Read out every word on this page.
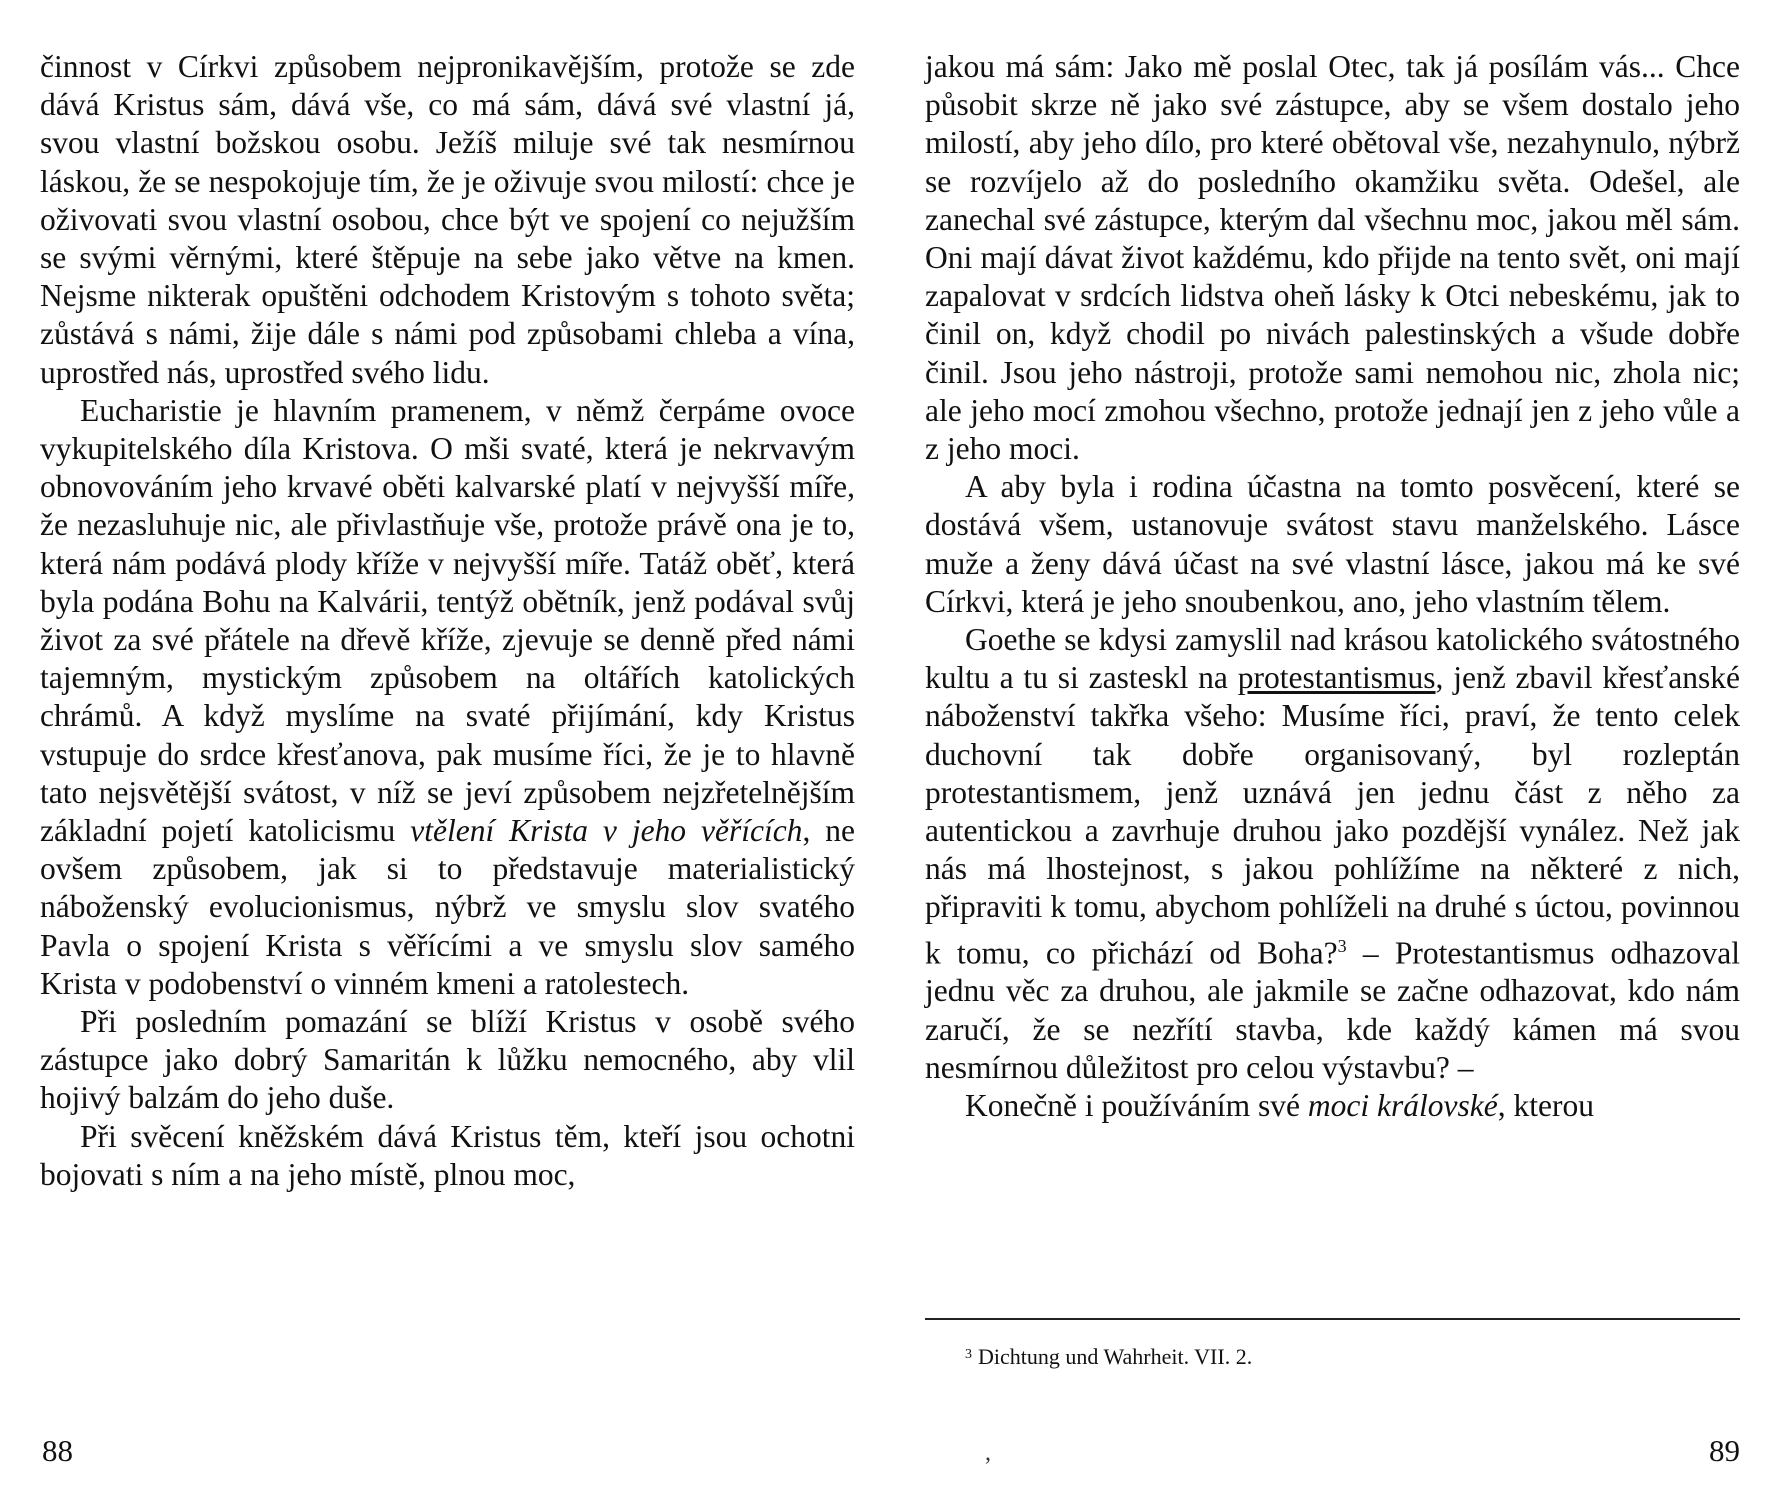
činnost v Církvi způsobem nejpronikavějším, protože se zde dává Kristus sám, dává vše, co má sám, dává své vlastní já, svou vlastní božskou osobu. Ježíš miluje své tak nesmírnou láskou, že se nespokojuje tím, že je oživuje svou milostí: chce je oživovati svou vlastní osobou, chce být ve spojení co nejužším se svými věrnými, které štěpuje na sebe jako větve na kmen. Nejsme nikterak opuštěni odchodem Kristovým s tohoto světa; zůstává s námi, žije dále s námi pod způsobami chleba a vína, uprostřed nás, uprostřed svého lidu.

Eucharistie je hlavním pramenem, v němž čerpáme ovoce vykupitelského díla Kristova. O mši svaté, která je nekrvavým obnovováním jeho krvavé oběti kalvarské platí v nejvyšší míře, že nezasluhuje nic, ale přivlastňuje vše, protože právě ona je to, která nám podává plody kříže v nejvyšší míře. Tatáž oběť, která byla podána Bohu na Kalvárii, tentýž obětník, jenž podával svůj život za své přátele na dřevě kříže, zjevuje se denně před námi tajemným, mystickým způsobem na oltářích katolických chrámů. A když myslíme na svaté přijímání, kdy Kristus vstupuje do srdce křesťanova, pak musíme říci, že je to hlavně tato nejsvětější svátost, v níž se jeví způsobem nejzřetelnějším základní pojetí katolicismu vtělení Krista v jeho věřících, ne ovšem způsobem, jak si to představuje materialistický náboženský evolucionismus, nýbrž ve smyslu slov svatého Pavla o spojení Krista s věřícími a ve smyslu slov samého Krista v podobenství o vinném kmeni a ratolestech.

Při posledním pomazání se blíží Kristus v osobě svého zástupce jako dobrý Samaritán k lůžku nemocného, aby vlil hojivý balzám do jeho duše.

Při svěcení kněžském dává Kristus těm, kteří jsou ochotni bojovati s ním a na jeho místě, plnou moc,

88

jakou má sám: Jako mě poslal Otec, tak já posílám vás... Chce působit skrze ně jako své zástupce, aby se všem dostalo jeho milostí, aby jeho dílo, pro které obětoval vše, nezahynulo, nýbrž se rozvíjelo až do posledního okamžiku světa. Odešel, ale zanechal své zástupce, kterým dal všechnu moc, jakou měl sám. Oni mají dávat život každému, kdo přijde na tento svět, oni mají zapalovat v srdcích lidstva oheň lásky k Otci nebeskému, jak to činil on, když chodil po nivách palestinských a všude dobře činil. Jsou jeho nástroji, protože sami nemohou nic, zhola nic; ale jeho mocí zmohou všechno, protože jednají jen z jeho vůle a z jeho moci.

A aby byla i rodina účastna na tomto posvěcení, které se dostává všem, ustanovuje svátost stavu manželského. Lásce muže a ženy dává účast na své vlastní lásce, jakou má ke své Církvi, která je jeho snoubenkou, ano, jeho vlastním tělem.

Goethe se kdysi zamyslil nad krásou katolického svátostného kultu a tu si zasteskl na protestantismus, jenž zbavil křesťanské náboženství takřka všeho: Musíme říci, praví, že tento celek duchovní tak dobře organisovaný, byl rozleptán protestantismem, jenž uznává jen jednu část z něho za autentickou a zavrhuje druhou jako pozdější vynález. Než jak nás má lhostejnost, s jakou pohlížíme na některé z nich, připraviti k tomu, abychom pohlíželi na druhé s úctou, povinnou k tomu, co přichází od Boha?$^3$ – Protestantismus odhazoval jednu věc za druhou, ale jakmile se začne odhazovat, kdo nám zaručí, že se nezřítí stavba, kde každý kámen má svou nesmírnou důležitost pro celou výstavbu? –

Konečně i používáním své moci královské, kterou

$^3$ Dichtung und Wahrheit. VII. 2.
89
,
